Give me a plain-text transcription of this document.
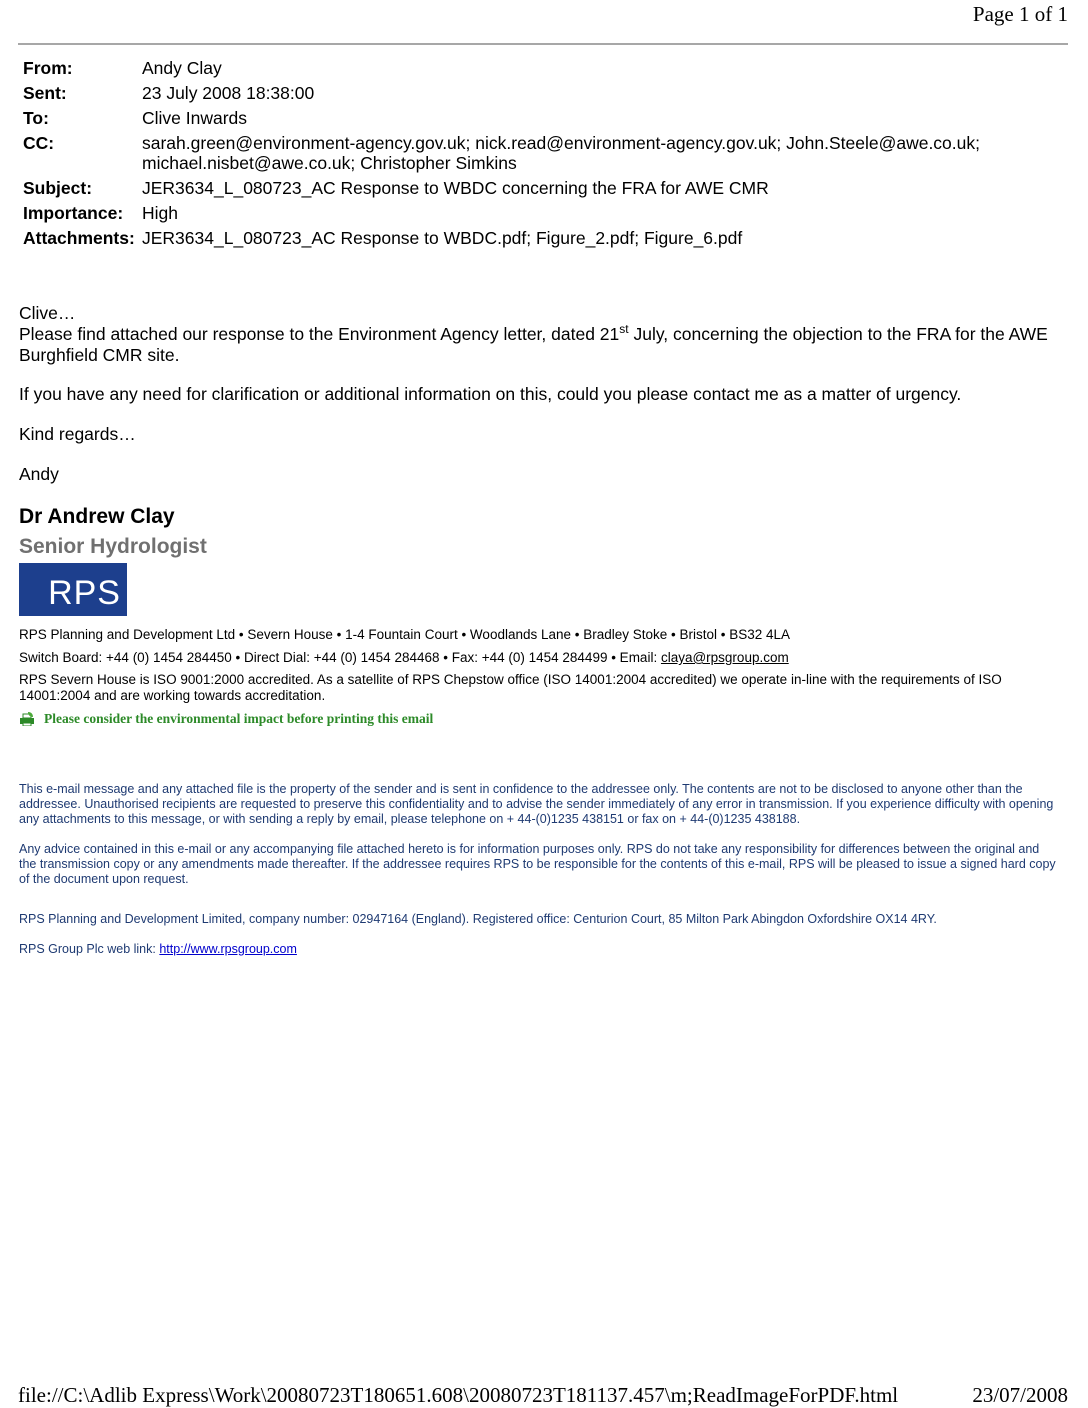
Page 1 of 1
From:	Andy Clay
Sent:	23 July 2008 18:38:00
To:	Clive Inwards
CC:	sarah.green@environment-agency.gov.uk; nick.read@environment-agency.gov.uk; John.Steele@awe.co.uk; michael.nisbet@awe.co.uk; Christopher Simkins
Subject:	JER3634_L_080723_AC Response to WBDC concerning the FRA for AWE CMR
Importance:	High
Attachments: JER3634_L_080723_AC Response to WBDC.pdf; Figure_2.pdf; Figure_6.pdf

Clive…

Please find attached our response to the Environment Agency letter, dated 21st July, concerning the objection to the FRA for the AWE Burghfield CMR site.

If you have any need for clarification or additional information on this, could you please contact me as a matter of urgency.

Kind regards…

Andy

Dr Andrew Clay
Senior Hydrologist
RPS
RPS Planning and Development Ltd • Severn House • 1-4 Fountain Court • Woodlands Lane • Bradley Stoke • Bristol • BS32 4LA
Switch Board: +44 (0) 1454 284450 • Direct Dial: +44 (0) 1454 284468 • Fax: +44 (0) 1454 284499 • Email: claya@rpsgroup.com
RPS Severn House is ISO 9001:2000 accredited. As a satellite of RPS Chepstow office (ISO 14001:2004 accredited) we operate in-line with the requirements of ISO 14001:2004 and are working towards accreditation.
Please consider the environmental impact before printing this email
This e-mail message and any attached file is the property of the sender and is sent in confidence to the addressee only. The contents are not to be disclosed to anyone other than the addressee. Unauthorised recipients are requested to preserve this confidentiality and to advise the sender immediately of any error in transmission. If you experience difficulty with opening any attachments to this message, or with sending a reply by email, please telephone on + 44-(0)1235 438151 or fax on + 44-(0)1235 438188.
Any advice contained in this e-mail or any accompanying file attached hereto is for information purposes only. RPS do not take any responsibility for differences between the original and the transmission copy or any amendments made thereafter. If the addressee requires RPS to be responsible for the contents of this e-mail, RPS will be pleased to issue a signed hard copy of the document upon request.
RPS Planning and Development Limited, company number: 02947164 (England). Registered office: Centurion Court, 85 Milton Park Abingdon Oxfordshire OX14 4RY.
RPS Group Plc web link: http://www.rpsgroup.com
file://C:\Adlib Express\Work\20080723T180651.608\20080723T181137.457\m;ReadImageForPDF.html	23/07/2008
